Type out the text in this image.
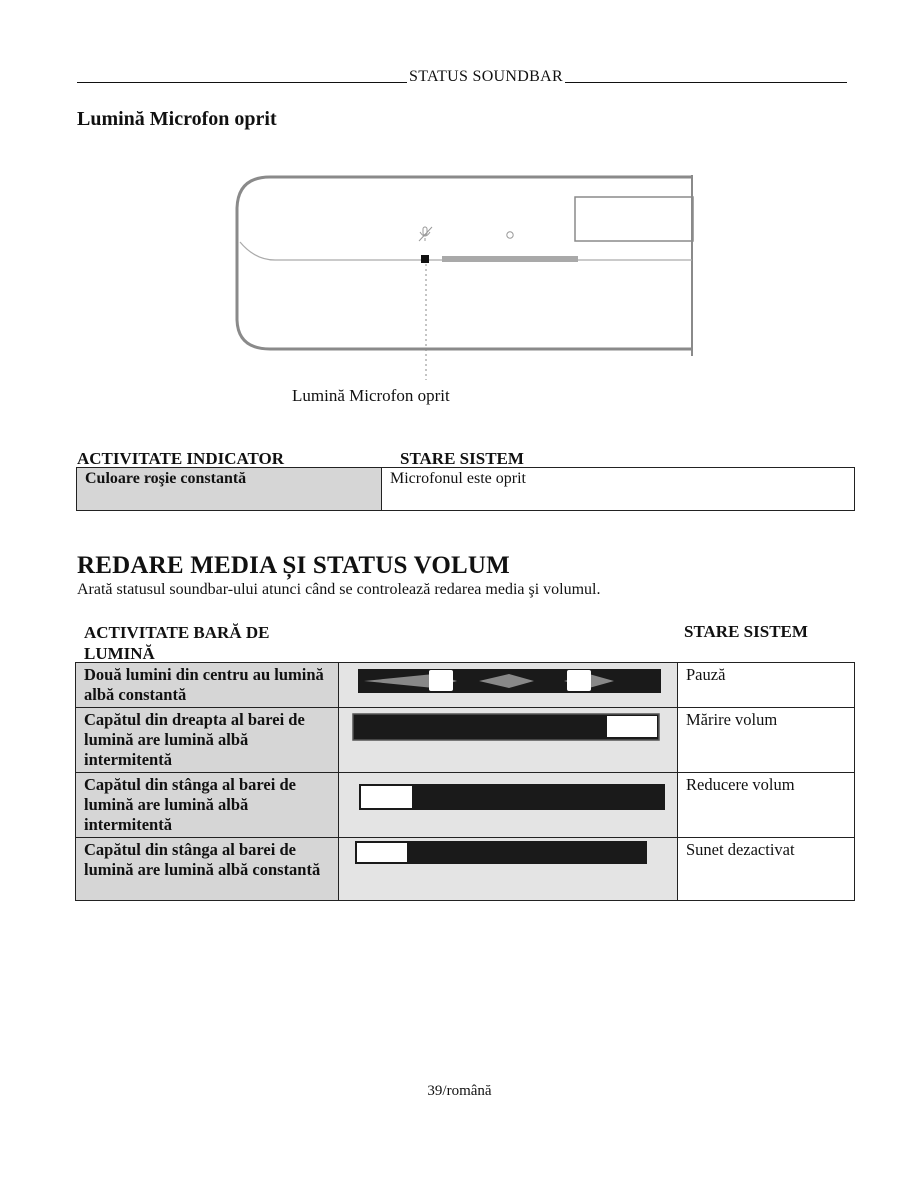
STATUS SOUNDBAR
Lumină Microfon oprit
Lumină Microfon oprit
ACTIVITATE INDICATOR	STARE SISTEM
Culoare roşie constantă	Microfonul este oprit
REDARE MEDIA ȘI STATUS VOLUM
Arată statusul soundbar-ului atunci când se controlează redarea media şi volumul.
ACTIVITATE BARĂ DE LUMINĂ
STARE SISTEM
Două lumini din centru au lumină albă constantă		Pauză
Capătul din dreapta al barei de lumină are lumină albă intermitentă		Mărire volum
Capătul din stânga al barei de lumină are lumină albă intermitentă		Reducere volum
Capătul din stânga al barei de lumină are lumină albă constantă		Sunet dezactivat
39/română
